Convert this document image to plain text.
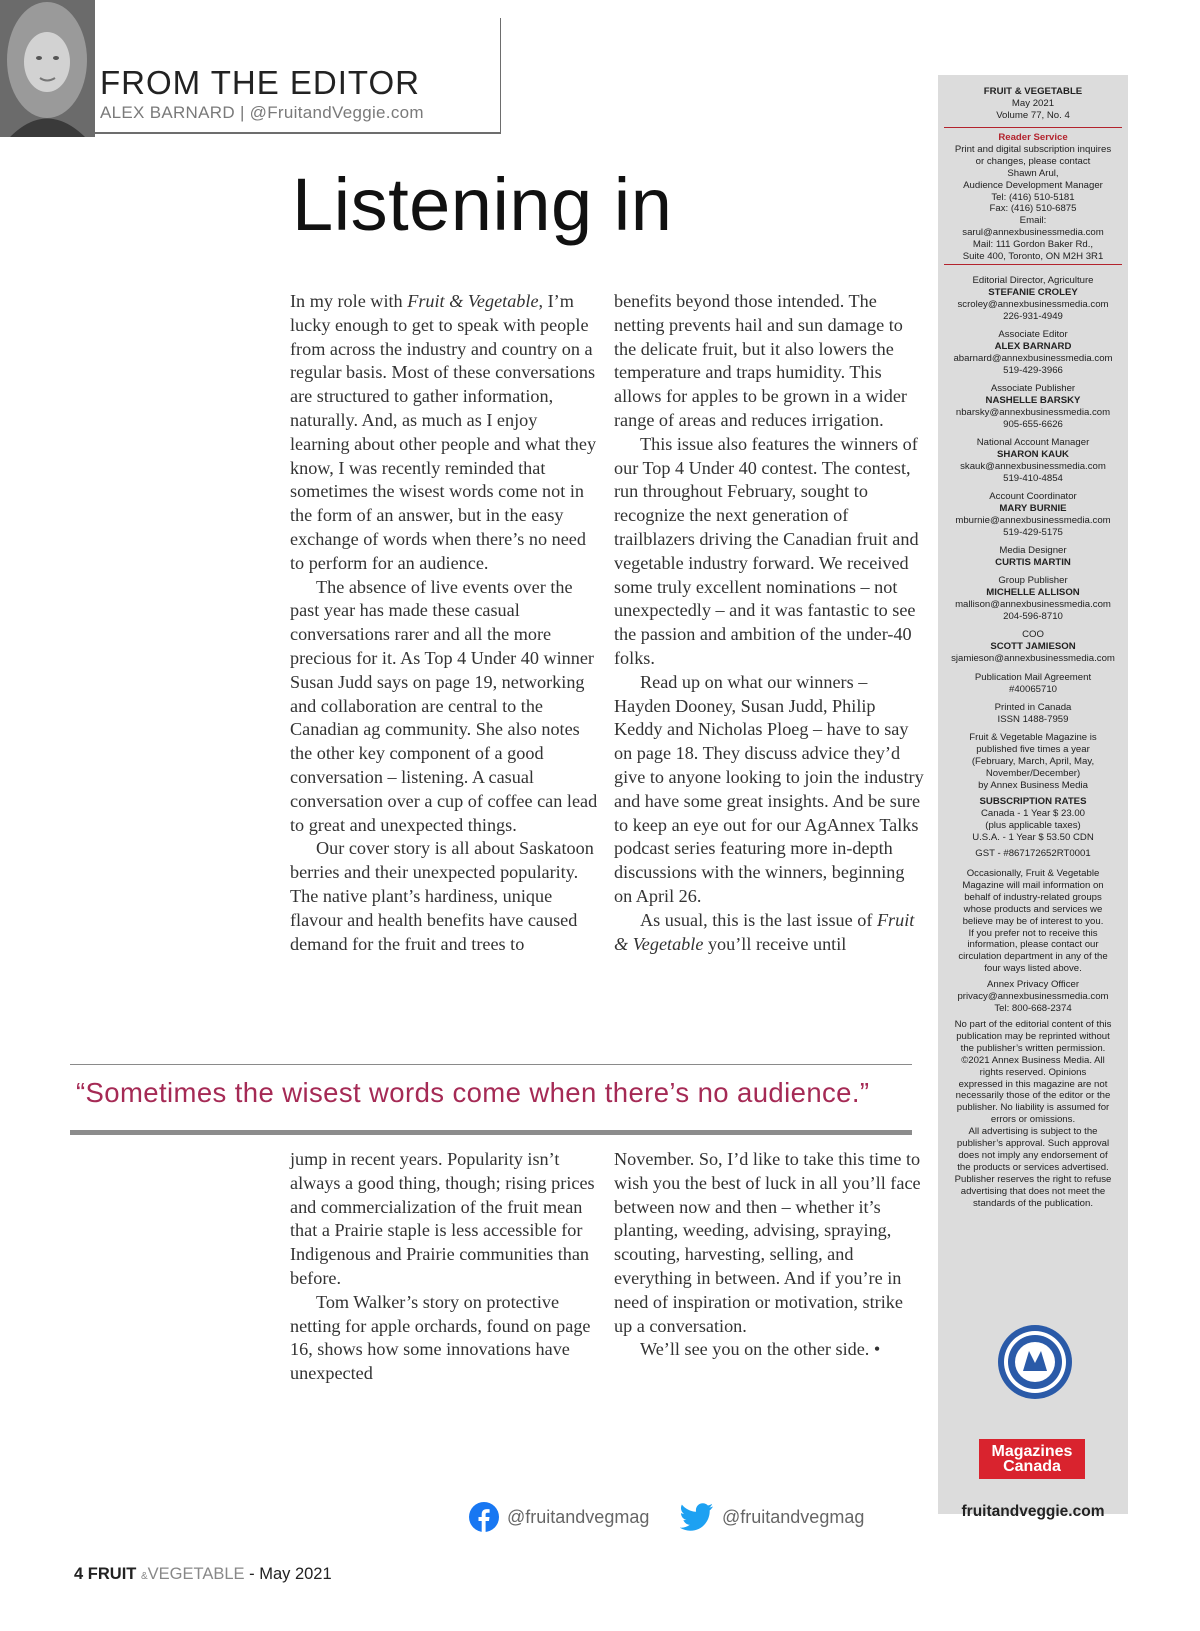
FROM THE EDITOR
ALEX BARNARD | @FruitandVeggie.com
Listening in

In my role with Fruit & Vegetable, I’m lucky enough to get to speak with people from across the industry and country on a regular basis. Most of these conversations are structured to gather information, naturally. And, as much as I enjoy learning about other people and what they know, I was recently reminded that sometimes the wisest words come not in the form of an answer, but in the easy exchange of words when there’s no need to perform for an audience.

The absence of live events over the past year has made these casual conversations rarer and all the more precious for it. As Top 4 Under 40 winner Susan Judd says on page 19, networking and collaboration are central to the Canadian ag community. She also notes the other key component of a good conversation – listening. A casual conversation over a cup of coffee can lead to great and unexpected things.

Our cover story is all about Saskatoon berries and their unexpected popularity. The native plant’s hardiness, unique flavour and health benefits have caused demand for the fruit and trees to

benefits beyond those intended. The netting prevents hail and sun damage to the delicate fruit, but it also lowers the temperature and traps humidity. This allows for apples to be grown in a wider range of areas and reduces irrigation.

This issue also features the winners of our Top 4 Under 40 contest. The contest, run throughout February, sought to recognize the next generation of trailblazers driving the Canadian fruit and vegetable industry forward. We received some truly excellent nominations – not unexpectedly – and it was fantastic to see the passion and ambition of the under-40 folks.

Read up on what our winners – Hayden Dooney, Susan Judd, Philip Keddy and Nicholas Ploeg – have to say on page 18. They discuss advice they’d give to anyone looking to join the industry and have some great insights. And be sure to keep an eye out for our AgAnnex Talks podcast series featuring more in-depth discussions with the winners, beginning on April 26.

As usual, this is the last issue of Fruit & Vegetable you’ll receive until

“Sometimes the wisest words come when there’s no audience.”

jump in recent years. Popularity isn’t always a good thing, though; rising prices and commercialization of the fruit mean that a Prairie staple is less accessible for Indigenous and Prairie communities than before.

Tom Walker’s story on protective netting for apple orchards, found on page 16, shows how some innovations have unexpected

November. So, I’d like to take this time to wish you the best of luck in all you’ll face between now and then – whether it’s planting, weeding, advising, spraying, scouting, harvesting, selling, and everything in between. And if you’re in need of inspiration or motivation, strike up a conversation.

We’ll see you on the other side. •

FRUIT & VEGETABLE
May 2021
Volume 77, No. 4
Reader Service
Print and digital subscription inquires
or changes, please contact
Shawn Arul,
Audience Development Manager
Tel: (416) 510-5181
Fax: (416) 510-6875
Email:
sarul@annexbusinessmedia.com
Mail: 111 Gordon Baker Rd.,
Suite 400, Toronto, ON M2H 3R1
Editorial Director, Agriculture
STEFANIE CROLEY
scroley@annexbusinessmedia.com
226-931-4949
Associate Editor
ALEX BARNARD
abarnard@annexbusinessmedia.com
519-429-3966
Associate Publisher
NASHELLE BARSKY
nbarsky@annexbusinessmedia.com
905-655-6626
National Account Manager
SHARON KAUK
skauk@annexbusinessmedia.com
519-410-4854
Account Coordinator
MARY BURNIE
mburnie@annexbusinessmedia.com
519-429-5175
Media Designer
CURTIS MARTIN
Group Publisher
MICHELLE ALLISON
mallison@annexbusinessmedia.com
204-596-8710
COO
SCOTT JAMIESON
sjamieson@annexbusinessmedia.com
Publication Mail Agreement
#40065710
Printed in Canada
ISSN 1488-7959
Fruit & Vegetable Magazine is
published five times a year
(February, March, April, May,
November/December)
by Annex Business Media
SUBSCRIPTION RATES
Canada - 1 Year $ 23.00
(plus applicable taxes)
U.S.A. - 1 Year $ 53.50 CDN
GST - #867172652RT0001
Occasionally, Fruit & Vegetable
Magazine will mail information on
behalf of industry-related groups
whose products and services we
believe may be of interest to you.
If you prefer not to receive this
information, please contact our
circulation department in any of the
four ways listed above.
Annex Privacy Officer
privacy@annexbusinessmedia.com
Tel: 800-668-2374
No part of the editorial content of this
publication may be reprinted without
the publisher’s written permission.
©2021 Annex Business Media. All
rights reserved. Opinions
expressed in this magazine are not
necessarily those of the editor or the
publisher. No liability is assumed for
errors or omissions.
All advertising is subject to the
publisher’s approval. Such approval
does not imply any endorsement of
the products or services advertised.
Publisher reserves the right to refuse
advertising that does not meet the
standards of the publication.
Magazines
Canada
fruitandveggie.com
@fruitandvegmag	@fruitandvegmag
4 FRUIT &VEGETABLE - May 2021
